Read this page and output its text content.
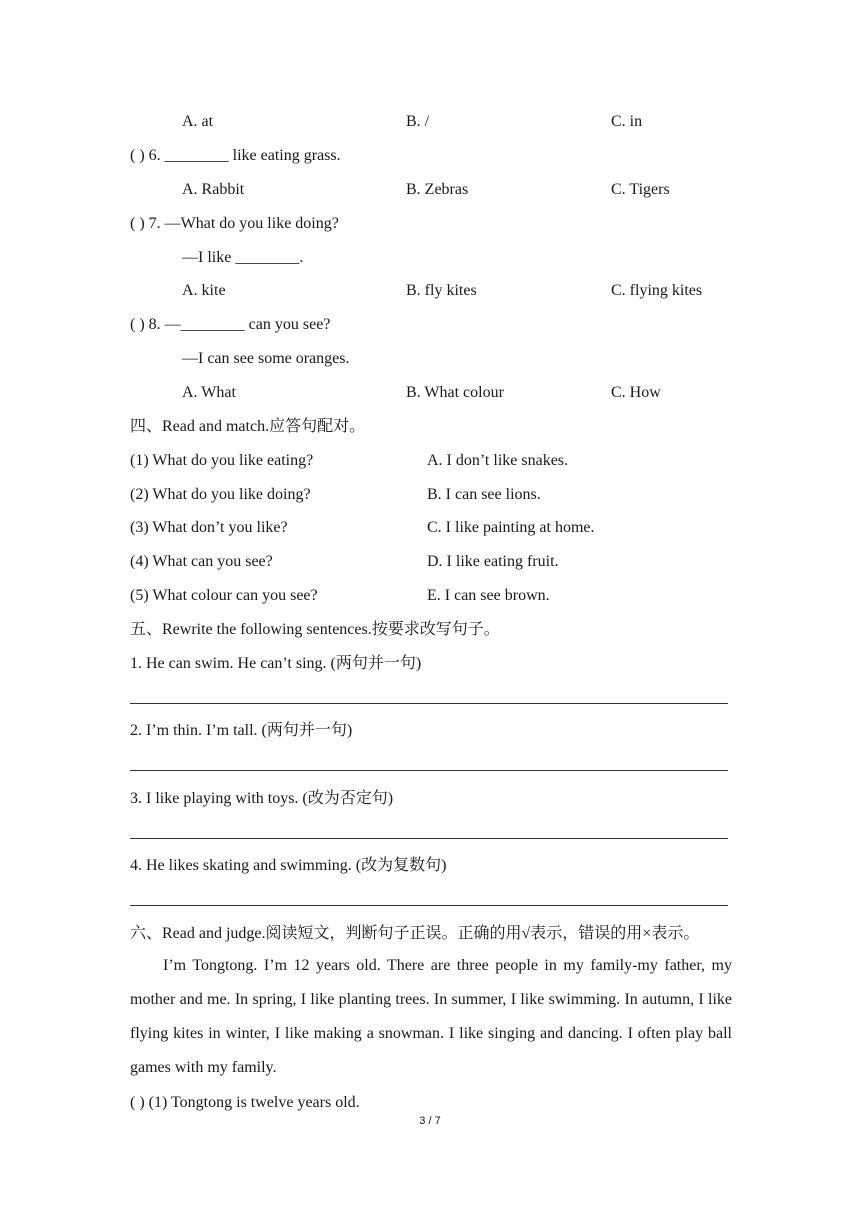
A. at	B. /	C. in
( ) 6. ________ like eating grass.
A. Rabbit	B. Zebras	C. Tigers
( ) 7. —What do you like doing?
—I like ________.
A. kite	B. fly kites	C. flying kites
( ) 8. —________ can you see?
—I can see some oranges.
A. What	B. What colour	C. How
四、Read and match.应答句配对。
(1) What do you like eating?	A. I don’t like snakes.
(2) What do you like doing?	B. I can see lions.
(3) What don’t you like?	C. I like painting at home.
(4) What can you see?	D. I like eating fruit.
(5) What colour can you see?	E. I can see brown.
五、Rewrite the following sentences.按要求改写句子。
1. He can swim. He can’t sing. (两句并一句)
2. I’m thin. I’m tall. (两句并一句)
3. I like playing with toys. (改为否定句)
4. He likes skating and swimming. (改为复数句)
六、Read and judge.阅读短文，判断句子正误。正确的用√表示，错误的用×表示。

I’m Tongtong. I’m 12 years old. There are three people in my family-my father, my mother and me. In spring, I like planting trees. In summer, I like swimming. In autumn, I like flying kites in winter, I like making a snowman. I like singing and dancing. I often play ball games with my family.

( ) (1) Tongtong is twelve years old.
3 / 7
